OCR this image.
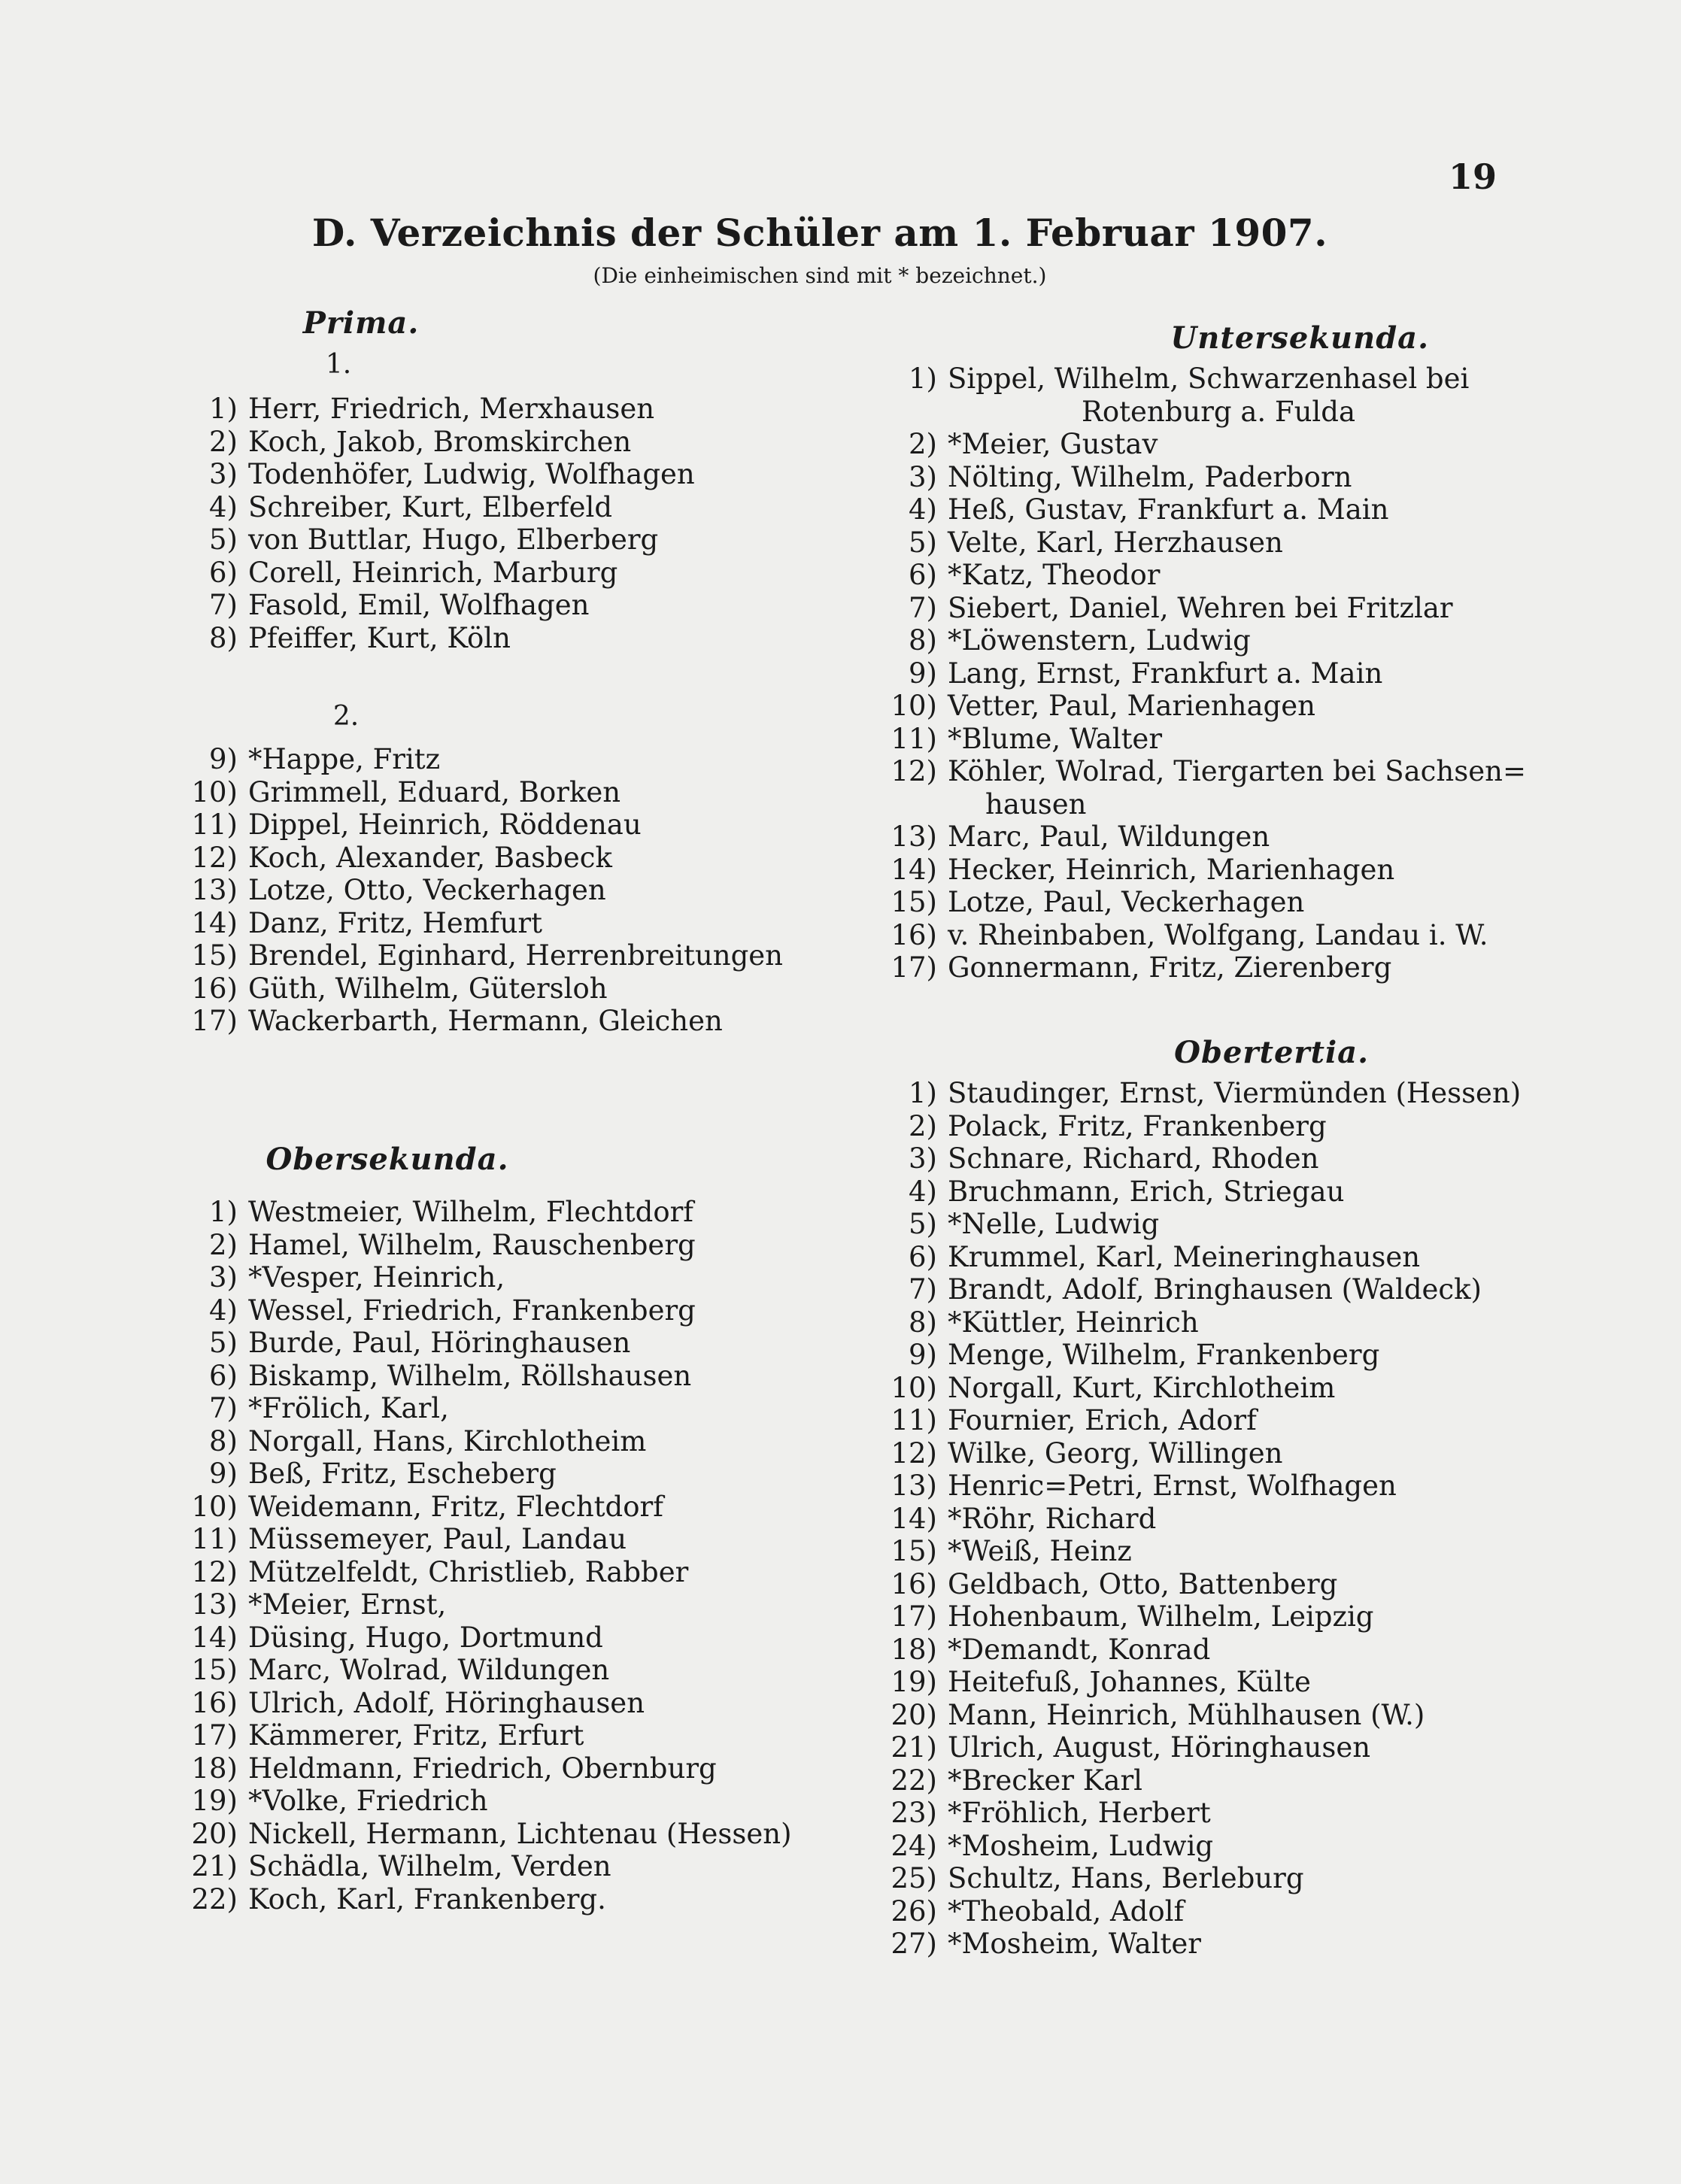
19
D. Verzeichnis der Schüler am 1. Februar 1907.
(Die einheimischen sind mit * bezeichnet.)
Prima.
1.
1) Herr, Friedrich, Merxhausen
2) Koch, Jakob, Bromskirchen
3) Todenhöfer, Ludwig, Wolfhagen
4) Schreiber, Kurt, Elberfeld
5) von Buttlar, Hugo, Elberberg
6) Corell, Heinrich, Marburg
7) Fasold, Emil, Wolfhagen
8) Pfeiffer, Kurt, Köln
2.
9) *Happe, Fritz
10) Grimmell, Eduard, Borken
11) Dippel, Heinrich, Röddenau
12) Koch, Alexander, Basbeck
13) Lotze, Otto, Veckerhagen
14) Danz, Fritz, Hemfurt
15) Brendel, Eginhard, Herrenbreitungen
16) Güth, Wilhelm, Gütersloh
17) Wackerbarth, Hermann, Gleichen
Obersekunda.
1) Westmeier, Wilhelm, Flechtdorf
2) Hamel, Wilhelm, Rauschenberg
3) *Vesper, Heinrich,
4) Wessel, Friedrich, Frankenberg
5) Burde, Paul, Höringhausen
6) Biskamp, Wilhelm, Röllshausen
7) *Frölich, Karl,
8) Norgall, Hans, Kirchlotheim
9) Beß, Fritz, Escheberg
10) Weidemann, Fritz, Flechtdorf
11) Müssemeyer, Paul, Landau
12) Mützelfeldt, Christlieb, Rabber
13) *Meier, Ernst,
14) Düsing, Hugo, Dortmund
15) Marc, Wolrad, Wildungen
16) Ulrich, Adolf, Höringhausen
17) Kämmerer, Fritz, Erfurt
18) Heldmann, Friedrich, Obernburg
19) *Volke, Friedrich
20) Nickell, Hermann, Lichtenau (Hessen)
21) Schädla, Wilhelm, Verden
22) Koch, Karl, Frankenberg.
Untersekunda.
1) Sippel, Wilhelm, Schwarzenhasel bei
Rotenburg a. Fulda
2) *Meier, Gustav
3) Nölting, Wilhelm, Paderborn
4) Heß, Gustav, Frankfurt a. Main
5) Velte, Karl, Herzhausen
6) *Katz, Theodor
7) Siebert, Daniel, Wehren bei Fritzlar
8) *Löwenstern, Ludwig
9) Lang, Ernst, Frankfurt a. Main
10) Vetter, Paul, Marienhagen
11) *Blume, Walter
12) Köhler, Wolrad, Tiergarten bei Sachsen=
hausen
13) Marc, Paul, Wildungen
14) Hecker, Heinrich, Marienhagen
15) Lotze, Paul, Veckerhagen
16) v. Rheinbaben, Wolfgang, Landau i. W.
17) Gonnermann, Fritz, Zierenberg
Obertertia.
1) Staudinger, Ernst, Viermünden (Hessen)
2) Polack, Fritz, Frankenberg
3) Schnare, Richard, Rhoden
4) Bruchmann, Erich, Striegau
5) *Nelle, Ludwig
6) Krummel, Karl, Meineringhausen
7) Brandt, Adolf, Bringhausen (Waldeck)
8) *Küttler, Heinrich
9) Menge, Wilhelm, Frankenberg
10) Norgall, Kurt, Kirchlotheim
11) Fournier, Erich, Adorf
12) Wilke, Georg, Willingen
13) Henric=Petri, Ernst, Wolfhagen
14) *Röhr, Richard
15) *Weiß, Heinz
16) Geldbach, Otto, Battenberg
17) Hohenbaum, Wilhelm, Leipzig
18) *Demandt, Konrad
19) Heitefuß, Johannes, Külte
20) Mann, Heinrich, Mühlhausen (W.)
21) Ulrich, August, Höringhausen
22) *Brecker Karl
23) *Fröhlich, Herbert
24) *Mosheim, Ludwig
25) Schultz, Hans, Berleburg
26) *Theobald, Adolf
27) *Mosheim, Walter
